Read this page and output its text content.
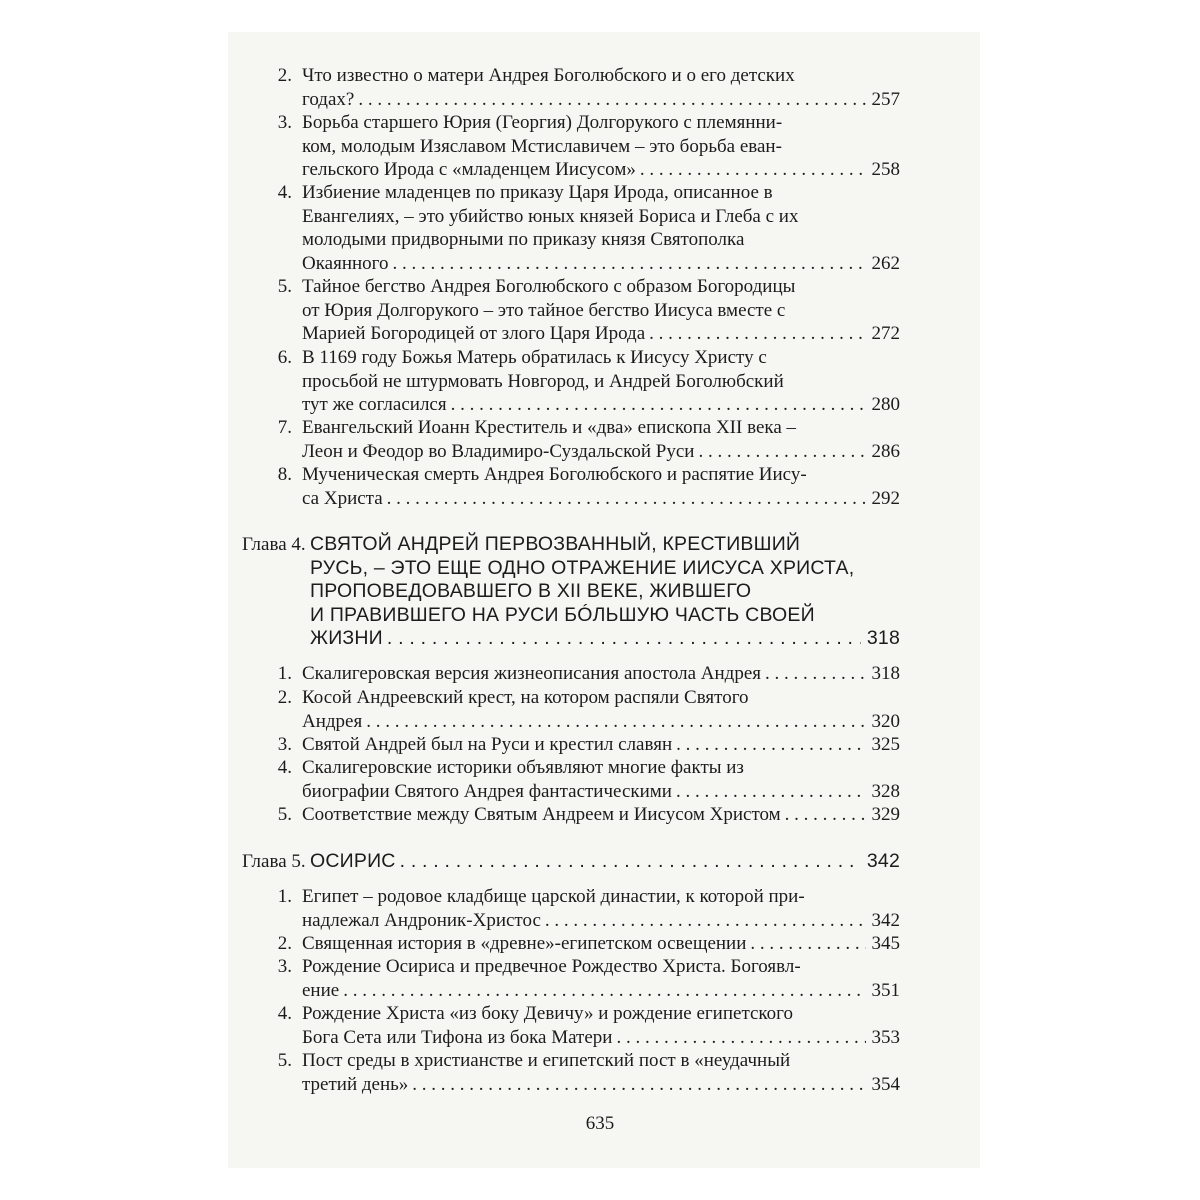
2. Что известно о матери Андрея Боголюбского и о его детских
годах? . . .	257
3. Борьба старшего Юрия (Георгия) Долгорукого с племянни-
ком, молодым Изяславом Мстиславичем – это борьба еван-
гельского Ирода с «младенцем Иисусом» . . .	258
4. Избиение младенцев по приказу Царя Ирода, описанное в
Евангелиях, – это убийство юных князей Бориса и Глеба с их
молодыми придворными по приказу князя Святополка
Окаянного . . .	262
5. Тайное бегство Андрея Боголюбского с образом Богородицы
от Юрия Долгорукого – это тайное бегство Иисуса вместе с
Марией Богородицей от злого Царя Ирода . . .	272
6. В 1169 году Божья Матерь обратилась к Иисусу Христу с
просьбой не штурмовать Новгород, и Андрей Боголюбский
тут же согласился . . .	280
7. Евангельский Иоанн Креститель и «два» епископа XII века –
Леон и Феодор во Владимиро-Суздальской Руси . . .	286
8. Мученическая смерть Андрея Боголюбского и распятие Иису-
са Христа . . .	292
Глава 4. СВЯТОЙ АНДРЕЙ ПЕРВОЗВАННЫЙ, КРЕСТИВШИЙ
РУСЬ, – ЭТО ЕЩЕ ОДНО ОТРАЖЕНИЕ ИИСУСА ХРИСТА,
ПРОПОВЕДОВАВШЕГО В XII ВЕКЕ, ЖИВШЕГО
И ПРАВИВШЕГО НА РУСИ БÓЛЬШУЮ ЧАСТЬ СВОЕЙ
ЖИЗНИ . . .	318
1. Скалигеровская версия жизнеописания апостола Андрея . . .	318
2. Косой Андреевский крест, на котором распяли Святого
Андрея . . .	320
3. Святой Андрей был на Руси и крестил славян . . .	325
4. Скалигеровские историки объявляют многие факты из
биографии Святого Андрея фантастическими . . .	328
5. Соответствие между Святым Андреем и Иисусом Христом . . .	329
Глава 5. ОСИРИС . . .	342
1. Египет – родовое кладбище царской династии, к которой при-
надлежал Андроник-Христос . . .	342
2. Священная история в «древне»-египетском освещении . . .	345
3. Рождение Осириса и предвечное Рождество Христа. Богоявл-
ение . . .	351
4. Рождение Христа «из боку Девичу» и рождение египетского
Бога Сета или Тифона из бока Матери . . .	353
5. Пост среды в христианстве и египетский пост в «неудачный
третий день» . . .	354
635
